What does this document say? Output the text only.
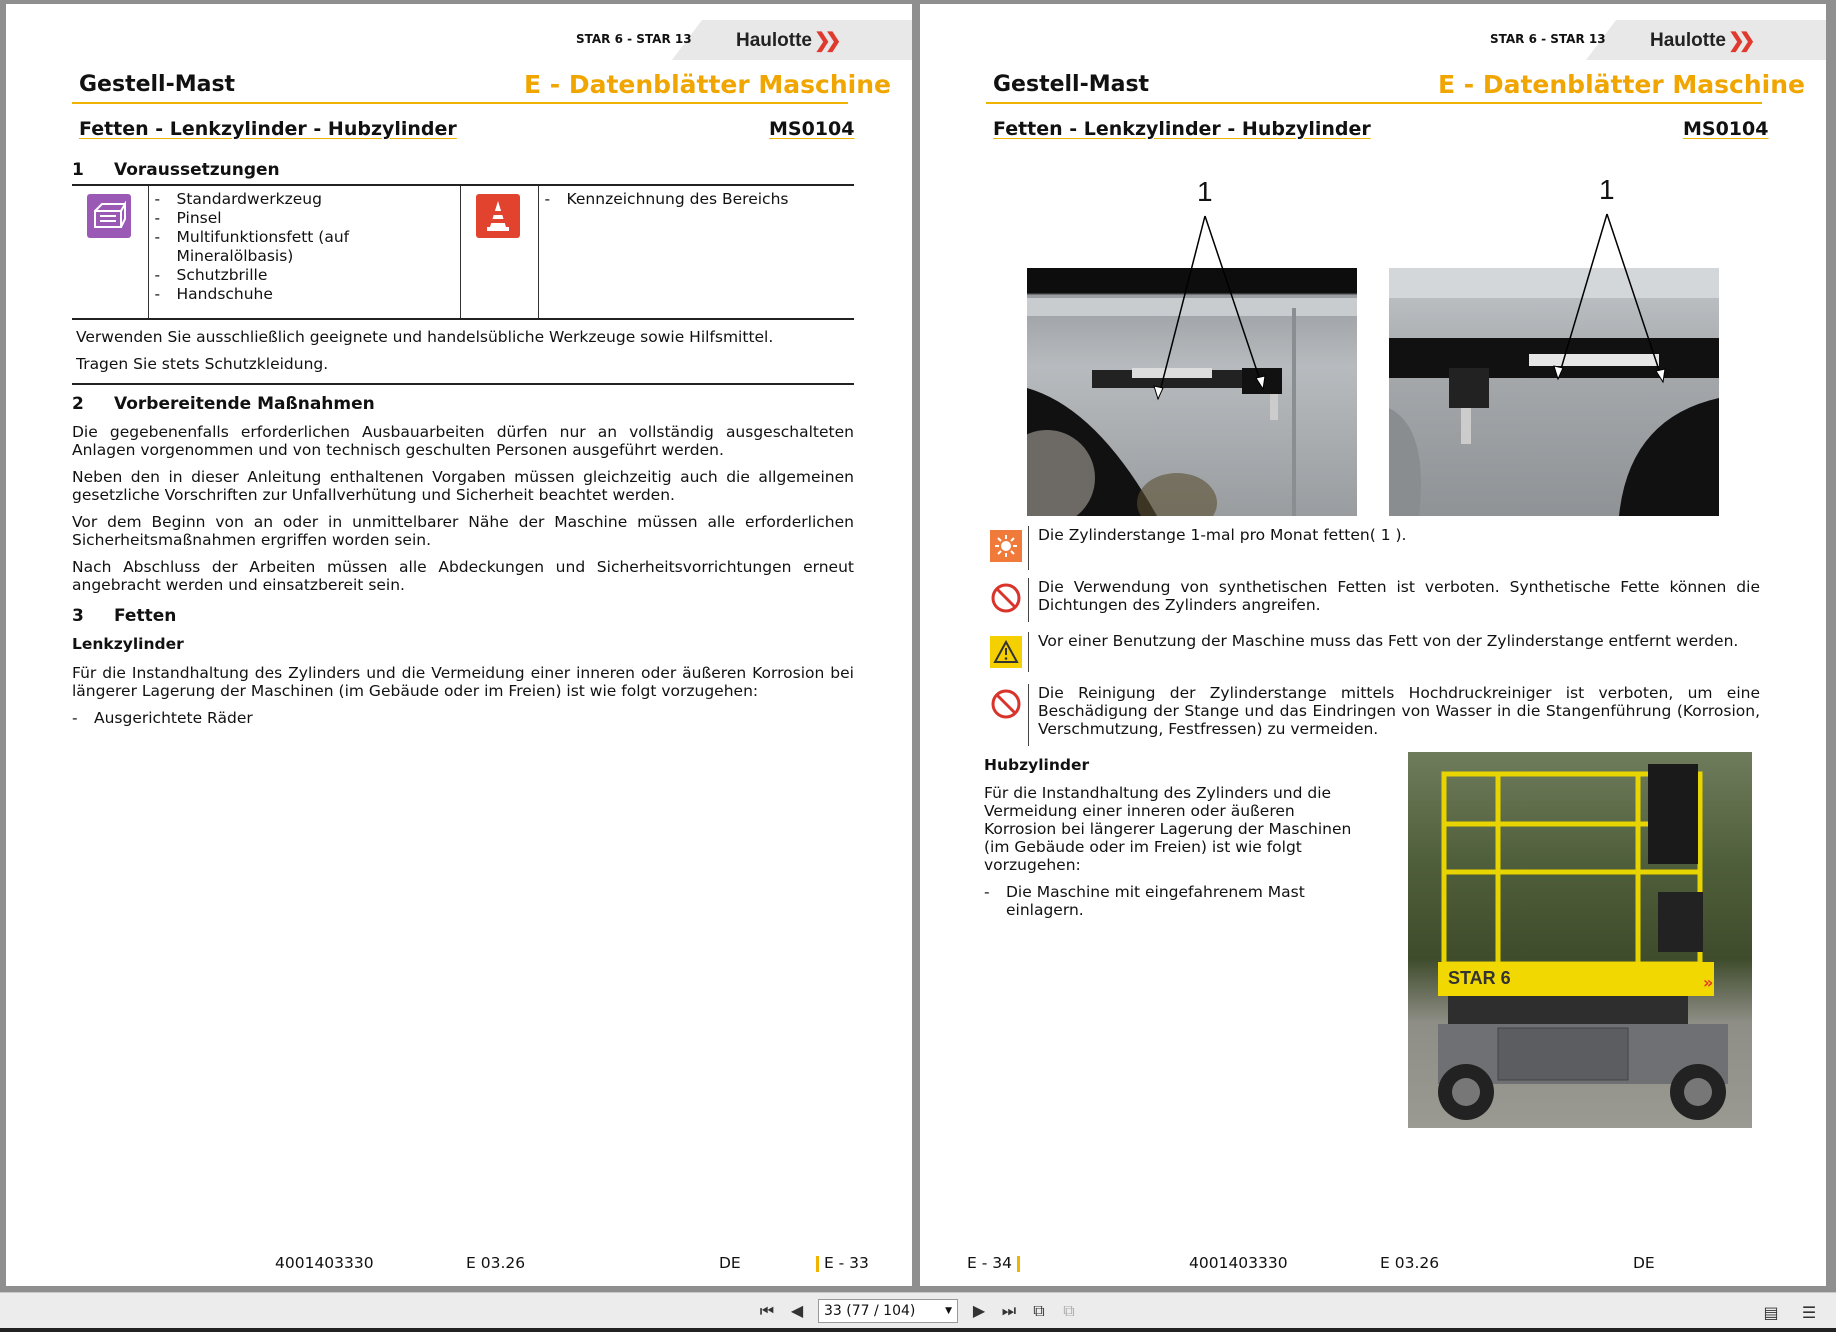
STAR 6 - STAR 13 Haulotte ❯❯
Gestell-Mast	E - Datenblätter Maschine
Fetten - Lenkzylinder - Hubzylinder	MS0104
1 Voraussetzungen

- Standardwerkzeug
- Pinsel
- Multifunktionsfett (auf Mineralölbasis)
- Schutzbrille
- Handschuhe

- Kennzeichnung des Bereichs
Verwenden Sie ausschließlich geeignete und handelsübliche Werkzeuge sowie Hilfsmittel.
Tragen Sie stets Schutzkleidung.
2 Vorbereitende Maßnahmen
Die gegebenenfalls erforderlichen Ausbauarbeiten dürfen nur an vollständig ausgeschalteten Anlagen vorgenommen und von technisch geschulten Personen ausgeführt werden.
Neben den in dieser Anleitung enthaltenen Vorgaben müssen gleichzeitig auch die allgemeinen gesetzliche Vorschriften zur Unfallverhütung und Sicherheit beachtet werden.
Vor dem Beginn von an oder in unmittelbarer Nähe der Maschine müssen alle erforderlichen Sicherheitsmaßnahmen ergriffen worden sein.
Nach Abschluss der Arbeiten müssen alle Abdeckungen und Sicherheitsvorrichtungen erneut angebracht werden und einsatzbereit sein.
3 Fetten
Lenkzylinder
Für die Instandhaltung des Zylinders und die Vermeidung einer inneren oder äußeren Korrosion bei längerer Lagerung der Maschinen (im Gebäude oder im Freien) ist wie folgt vorzugehen:
- Ausgerichtete Räder
4001403330	E 03.26	DE	E - 33
STAR 6 - STAR 13 Haulotte ❯❯
Gestell-Mast	E - Datenblätter Maschine
Fetten - Lenkzylinder - Hubzylinder	MS0104
1	1
Die Zylinderstange 1-mal pro Monat fetten( 1 ).
Die Verwendung von synthetischen Fetten ist verboten. Synthetische Fette können die Dichtungen des Zylinders angreifen.
Vor einer Benutzung der Maschine muss das Fett von der Zylinderstange entfernt werden.
Die Reinigung der Zylinderstange mittels Hochdruckreiniger ist verboten, um eine Beschädigung der Stange und das Eindringen von Wasser in die Stangenführung (Korrosion, Verschmutzung, Festfressen) zu vermeiden.
Hubzylinder
Für die Instandhaltung des Zylinders und die Vermeidung einer inneren oder äußeren Korrosion bei längerer Lagerung der Maschinen (im Gebäude oder im Freien) ist wie folgt vorzugehen:
- Die Maschine mit eingefahrenem Mast einlagern.
»
STAR 6
E - 34	4001403330	E 03.26	DE
⏮	◀	33 (77 / 104)	▼	▶	⏭	⧉	⧉	▤	☰
